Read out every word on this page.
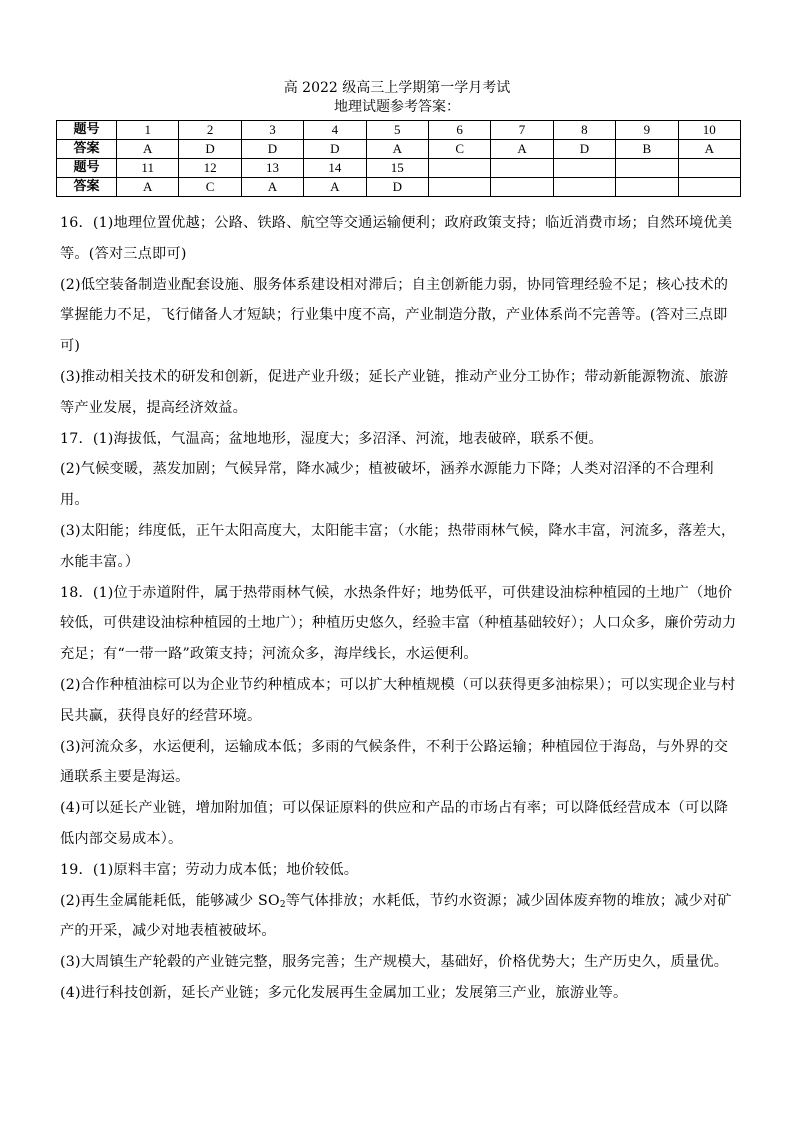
高 2022 级高三上学期第一学月考试
地理试题参考答案：
题号	1	2	3	4	5	6	7	8	9	10
答案	A	D	D	D	A	C	A	D	B	A
题号	11	12	13	14	15					
答案	A	C	A	A	D					

16．(1)地理位置优越；公路、铁路、航空等交通运输便利；政府政策支持；临近消费市场；自然环境优美等。(答对三点即可)

(2)低空装备制造业配套设施、服务体系建设相对滞后；自主创新能力弱，协同管理经验不足；核心技术的掌握能力不足，飞行储备人才短缺；行业集中度不高，产业制造分散，产业体系尚不完善等。(答对三点即可)

(3)推动相关技术的研发和创新，促进产业升级；延长产业链，推动产业分工协作；带动新能源物流、旅游等产业发展，提高经济效益。

17．(1)海拔低，气温高；盆地地形，湿度大；多沼泽、河流，地表破碎，联系不便。

(2)气候变暖，蒸发加剧；气候异常，降水减少；植被破坏，涵养水源能力下降；人类对沼泽的不合理利用。

(3)太阳能；纬度低，正午太阳高度大，太阳能丰富；（水能；热带雨林气候，降水丰富，河流多，落差大，水能丰富。）

18．(1)位于赤道附件，属于热带雨林气候，水热条件好；地势低平，可供建设油棕种植园的土地广（地价较低，可供建设油棕种植园的土地广）；种植历史悠久，经验丰富（种植基础较好）；人口众多，廉价劳动力充足；有“一带一路”政策支持；河流众多，海岸线长，水运便利。

(2)合作种植油棕可以为企业节约种植成本；可以扩大种植规模（可以获得更多油棕果）；可以实现企业与村民共赢，获得良好的经营环境。

(3)河流众多，水运便利，运输成本低；多雨的气候条件，不利于公路运输；种植园位于海岛，与外界的交通联系主要是海运。

(4)可以延长产业链，增加附加值；可以保证原料的供应和产品的市场占有率；可以降低经营成本（可以降低内部交易成本）。

19．(1)原料丰富；劳动力成本低；地价较低。

(2)再生金属能耗低，能够减少 $SO_2$等气体排放；水耗低，节约水资源；减少固体废弃物的堆放；减少对矿产的开采，减少对地表植被破坏。

(3)大周镇生产轮毂的产业链完整，服务完善；生产规模大，基础好，价格优势大；生产历史久，质量优。

(4)进行科技创新，延长产业链；多元化发展再生金属加工业；发展第三产业，旅游业等。
